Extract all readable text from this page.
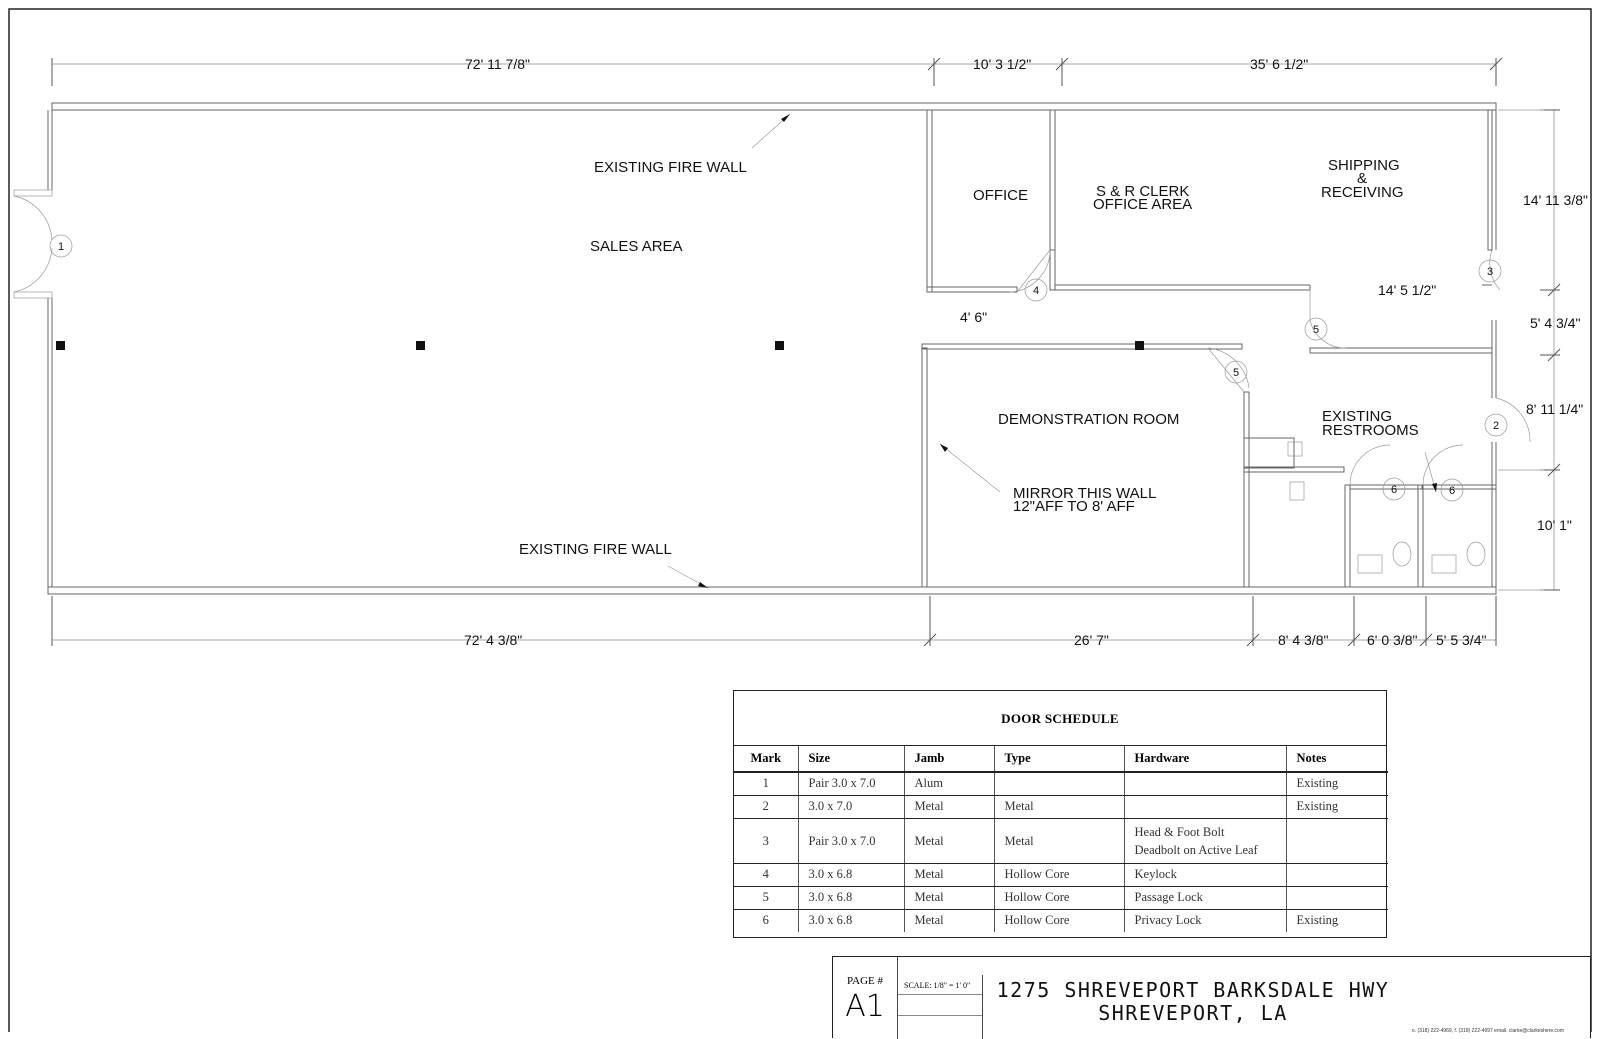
SALES AREA
OFFICE	S & R CLERK
OFFICE AREA
SHIPPING
&
RECEIVING
DEMONSTRATION ROOM	EXISTING
RESTROOMS
EXISTING FIRE WALL
EXISTING FIRE WALL
MIRROR THIS WALL
12"AFF TO 8' AFF
72' 11 7/8"	10' 3 1/2"	35' 6 1/2"
14' 11 3/8"
5' 4 3/4"
8' 11 1/4"
10' 1"
4' 6"
14' 5 1/2"
72' 4 3/8"	26' 7"	8' 4 3/8"	6' 0 3/8" 5' 5 3/4"
1
2
3
4
5
5
6	6
DOOR SCHEDULE
Mark	Size	Jamb	Type	Hardware	Notes
1	Pair 3.0 x 7.0	Alum			Existing
2	3.0 x 7.0	Metal	Metal		Existing
3	Pair 3.0 x 7.0	Metal	Metal	Head & Foot Bolt
Deadbolt on Active Leaf	

4	3.0 x 6.8	Metal	Hollow Core	Keylock	
5	3.0 x 6.8	Metal	Hollow Core	Passage Lock	
6	3.0 x 6.8	Metal	Hollow Core	Privacy Lock	Existing
PAGE #
A1
SCALE: 1/8" = 1' 0"	1275 SHREVEPORT BARKSDALE HWY
SHREVEPORT, LA
o. (318) 222-4969, f. (318) 222-4997 email. clarke@clarkeshere.com
